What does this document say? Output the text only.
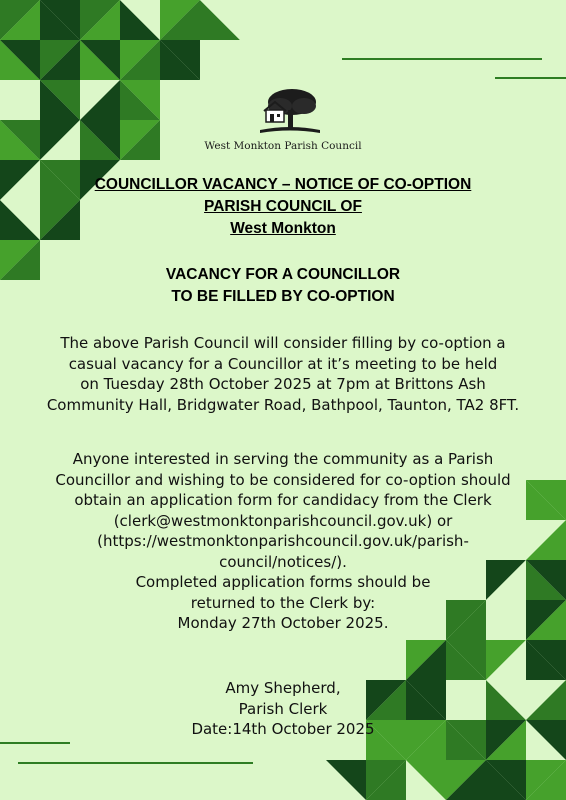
West Monkton Parish Council
COUNCILLOR VACANCY – NOTICE OF CO-OPTION
PARISH COUNCIL OF
West Monkton
VACANCY FOR A COUNCILLOR
TO BE FILLED BY CO-OPTION
The above Parish Council will consider filling by co-option a
casual vacancy for a Councillor at it’s meeting to be held
on Tuesday 28th October 2025 at 7pm at Brittons Ash
Community Hall, Bridgwater Road, Bathpool, Taunton, TA2 8FT.
Anyone interested in serving the community as a Parish
Councillor and wishing to be considered for co-option should
obtain an application form for candidacy from the Clerk
(clerk@westmonktonparishcouncil.gov.uk) or
(https://westmonktonparishcouncil.gov.uk/parish-
council/notices/).
Completed application forms should be
returned to the Clerk by:
Monday 27th October 2025.
Amy Shepherd,
Parish Clerk
Date:14th October 2025
